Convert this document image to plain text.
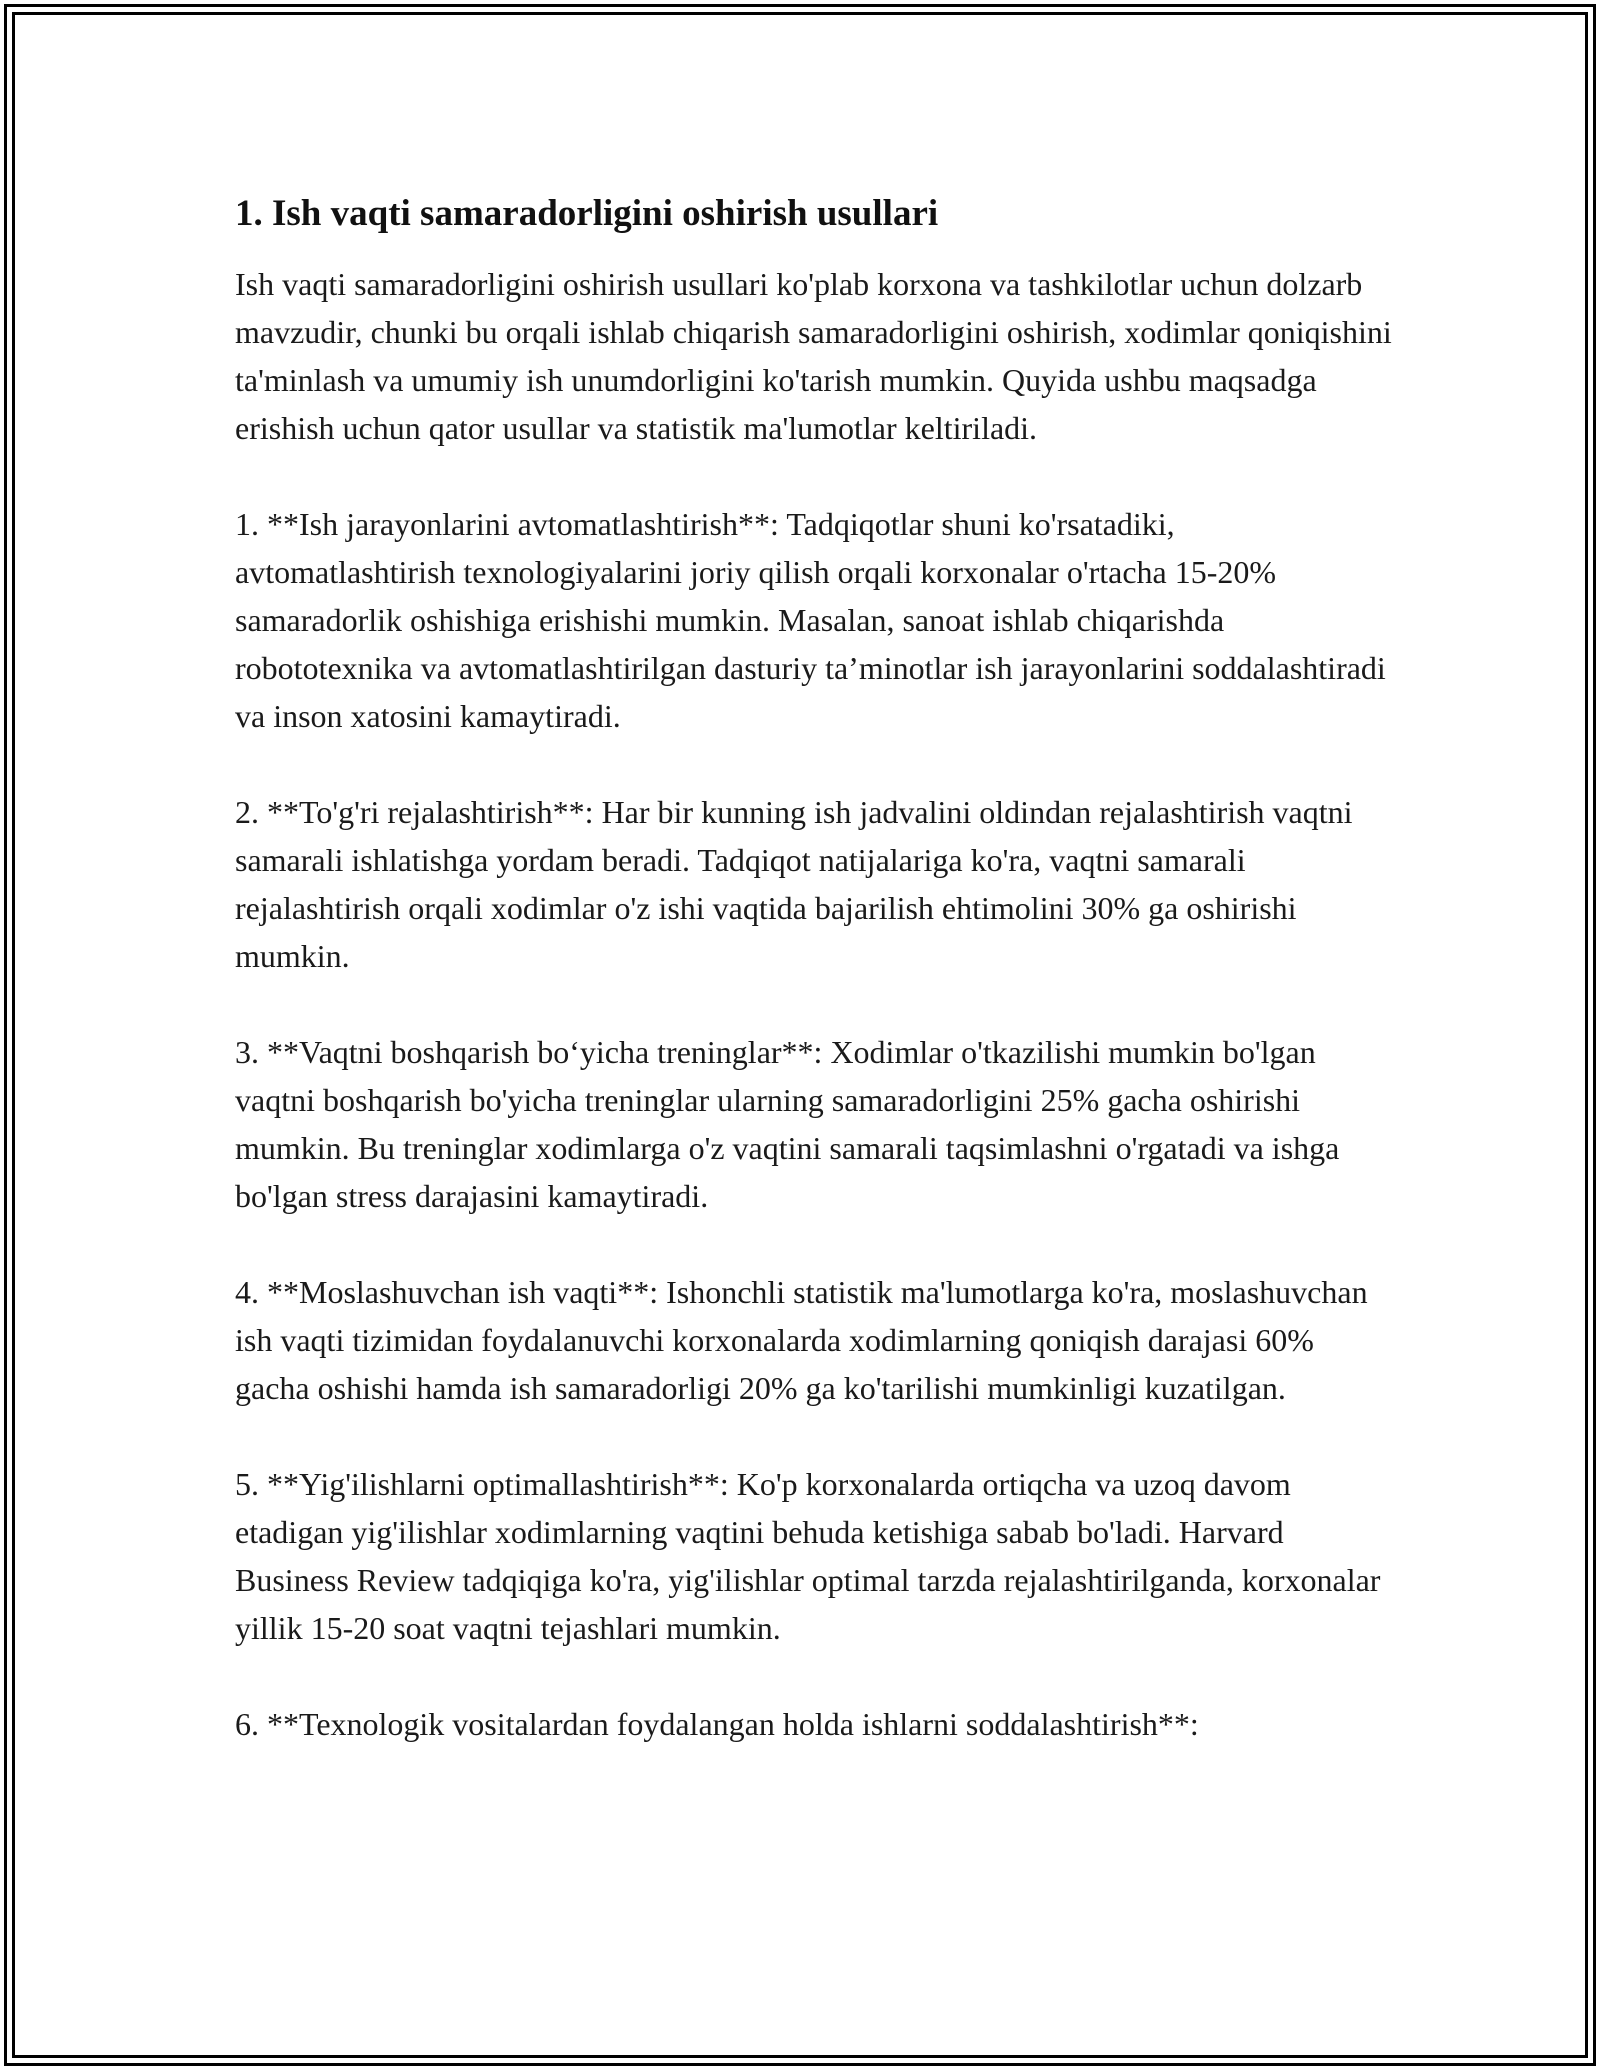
1. Ish vaqti samaradorligini oshirish usullari

Ish vaqti samaradorligini oshirish usullari ko'plab korxona va tashkilotlar uchun dolzarb mavzudir, chunki bu orqali ishlab chiqarish samaradorligini oshirish, xodimlar qoniqishini ta'minlash va umumiy ish unumdorligini ko'tarish mumkin. Quyida ushbu maqsadga erishish uchun qator usullar va statistik ma'lumotlar keltiriladi.

1. **Ish jarayonlarini avtomatlashtirish**: Tadqiqotlar shuni ko'rsatadiki, avtomatlashtirish texnologiyalarini joriy qilish orqali korxonalar o'rtacha 15-20% samaradorlik oshishiga erishishi mumkin. Masalan, sanoat ishlab chiqarishda robototexnika va avtomatlashtirilgan dasturiy ta’minotlar ish jarayonlarini soddalashtiradi va inson xatosini kamaytiradi.

2. **To'g'ri rejalashtirish**: Har bir kunning ish jadvalini oldindan rejalashtirish vaqtni samarali ishlatishga yordam beradi. Tadqiqot natijalariga ko'ra, vaqtni samarali rejalashtirish orqali xodimlar o'z ishi vaqtida bajarilish ehtimolini 30% ga oshirishi mumkin.

3. **Vaqtni boshqarish bo‘yicha treninglar**: Xodimlar o'tkazilishi mumkin bo'lgan vaqtni boshqarish bo'yicha treninglar ularning samaradorligini 25% gacha oshirishi mumkin. Bu treninglar xodimlarga o'z vaqtini samarali taqsimlashni o'rgatadi va ishga bo'lgan stress darajasini kamaytiradi.

4. **Moslashuvchan ish vaqti**: Ishonchli statistik ma'lumotlarga ko'ra, moslashuvchan ish vaqti tizimidan foydalanuvchi korxonalarda xodimlarning qoniqish darajasi 60% gacha oshishi hamda ish samaradorligi 20% ga ko'tarilishi mumkinligi kuzatilgan.

5. **Yig'ilishlarni optimallashtirish**: Ko'p korxonalarda ortiqcha va uzoq davom etadigan yig'ilishlar xodimlarning vaqtini behuda ketishiga sabab bo'ladi. Harvard Business Review tadqiqiga ko'ra, yig'ilishlar optimal tarzda rejalashtirilganda, korxonalar yillik 15-20 soat vaqtni tejashlari mumkin.

6. **Texnologik vositalardan foydalangan holda ishlarni soddalashtirish**:
